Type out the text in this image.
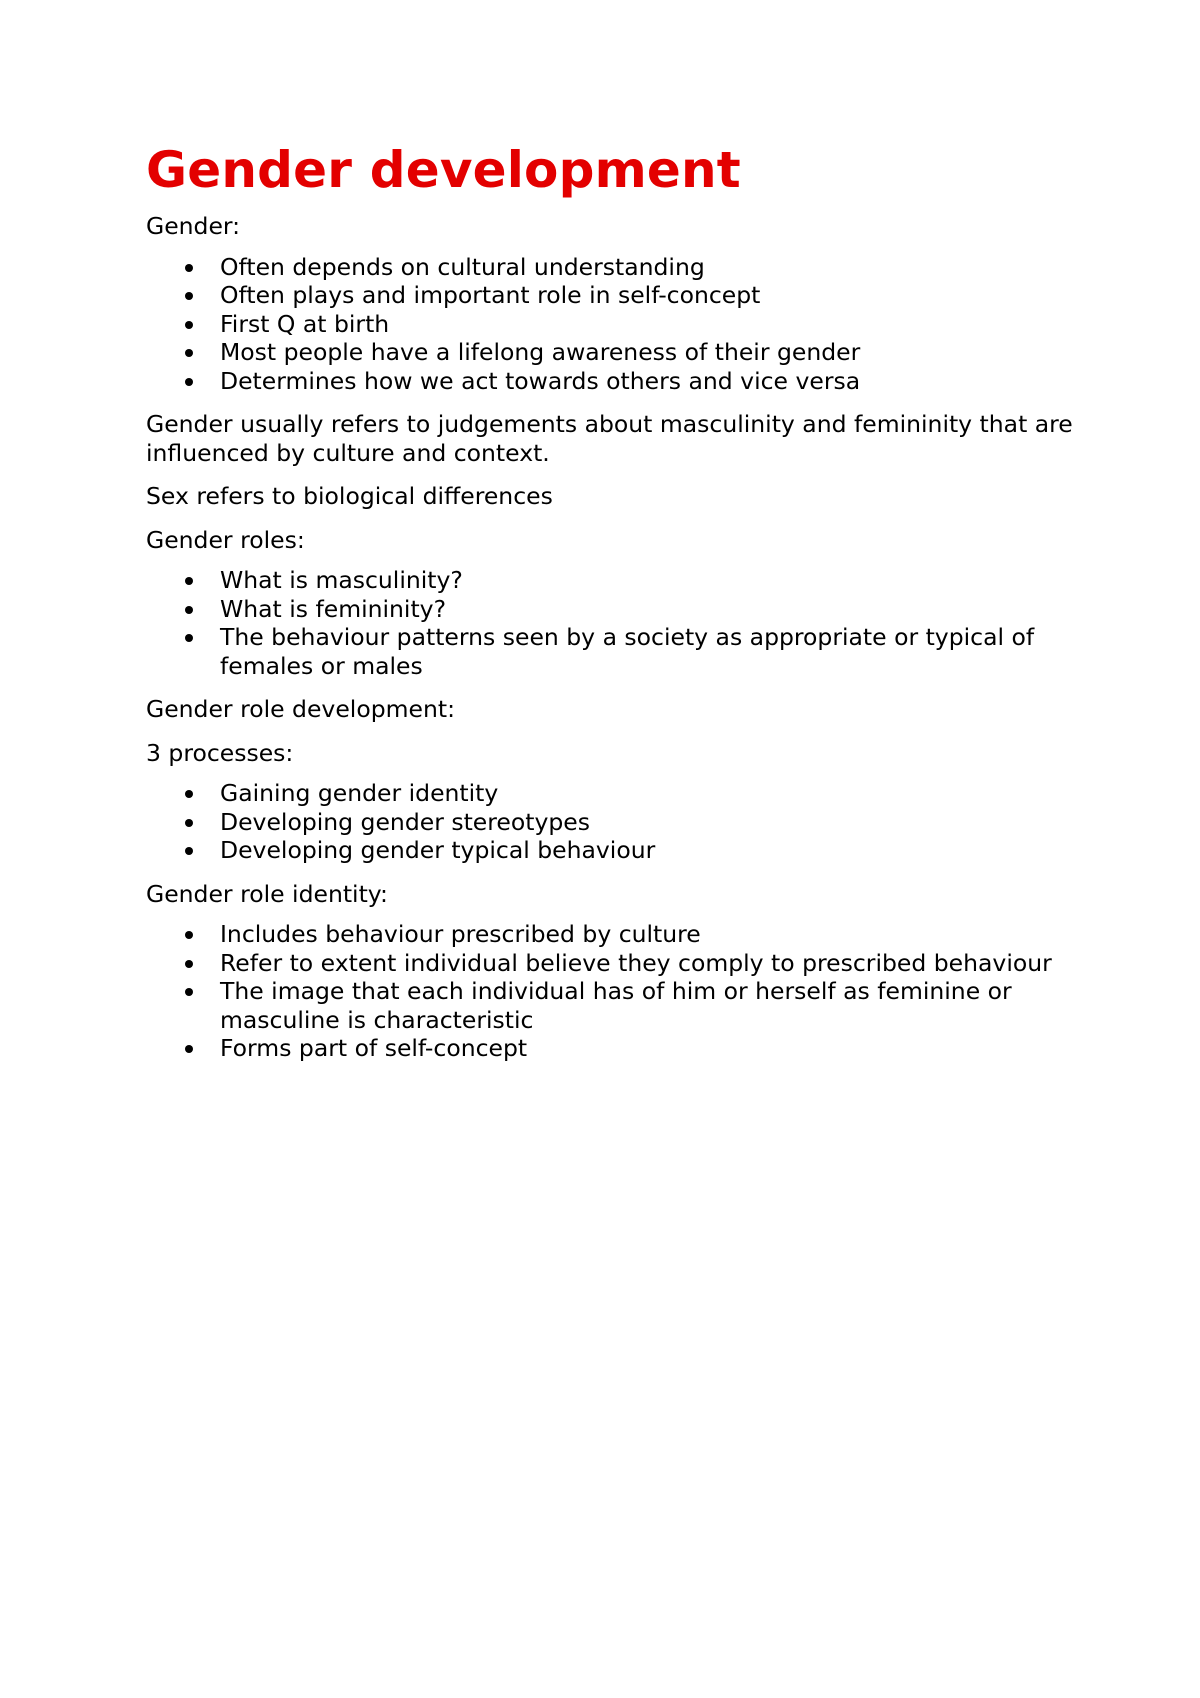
Gender development

Gender:

Often depends on cultural understanding
Often plays and important role in self-concept
First Q at birth
Most people have a lifelong awareness of their gender
Determines how we act towards others and vice versa

Gender usually refers to judgements about masculinity and femininity that are influenced by culture and context.

Sex refers to biological differences

Gender roles:

What is masculinity?
What is femininity?
The behaviour patterns seen by a society as appropriate or typical of females or males

Gender role development:

3 processes:

Gaining gender identity
Developing gender stereotypes
Developing gender typical behaviour

Gender role identity:

Includes behaviour prescribed by culture
Refer to extent individual believe they comply to prescribed behaviour
The image that each individual has of him or herself as feminine or masculine is characteristic
Forms part of self-concept
